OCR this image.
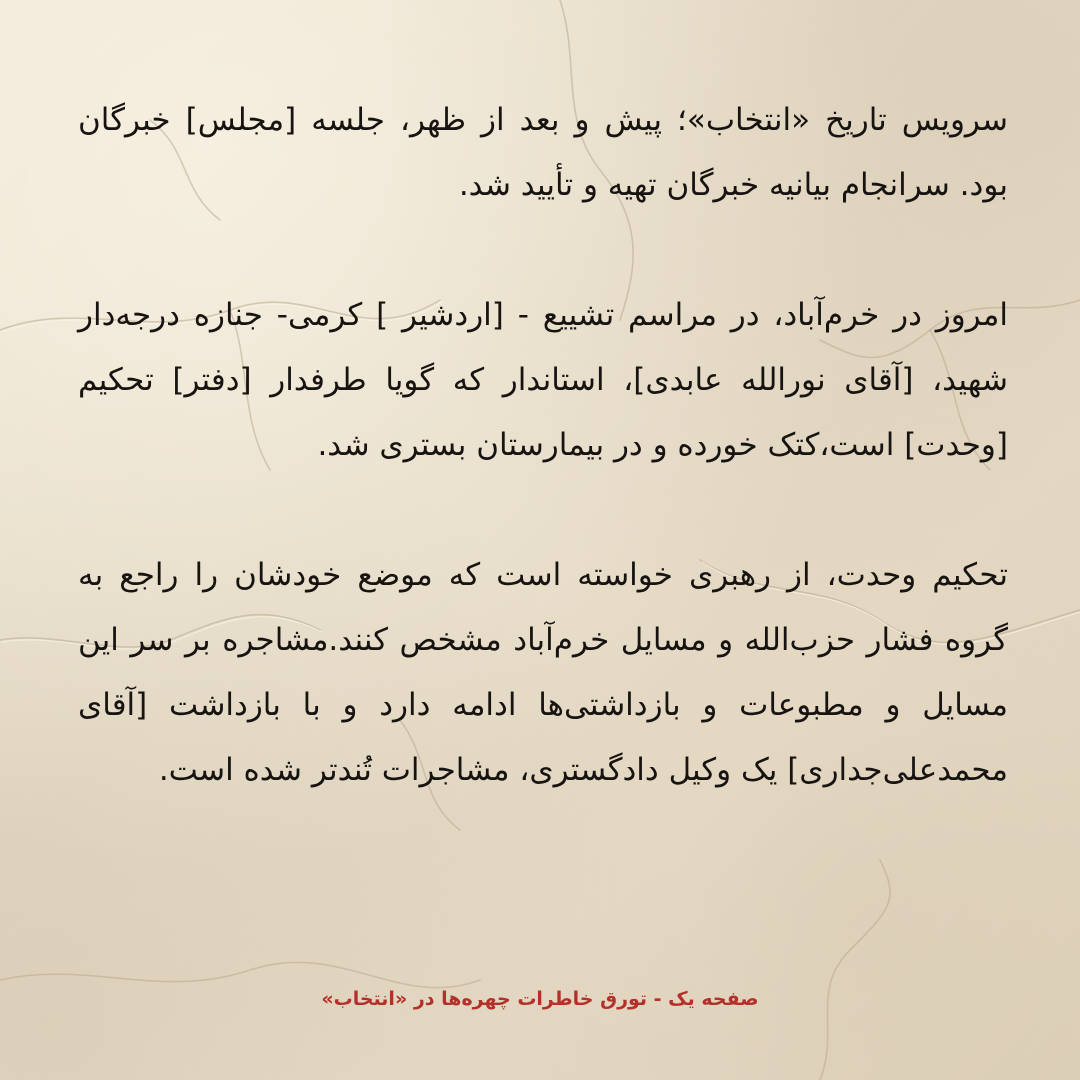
سرویس تاریخ «انتخاب»؛ پیش و بعد از ظهر، جلسه [مجلس] خبرگان بود. سرانجام بیانیه خبرگان تهیه و تأیید شد.

امروز در خرم‌آباد، در مراسم تشییع - [اردشیر ] کرمی- جنازه درجه‌دار شهید، [آقای نورالله عابدی]، استاندار که گویا طرفدار [دفتر] تحکیم [وحدت] است،کتک خورده و در بیمارستان بستری شد.

تحکیم وحدت، از رهبری خواسته است که موضع خودشان را راجع به گروه فشار حزب‌الله و مسایل خرم‌آباد مشخص کنند.مشاجره بر سر این مسایل و مطبوعات و بازداشتی‌ها ادامه دارد و با بازداشت [آقای محمدعلی‌جداری] یک وکیل دادگستری، مشاجرات تُندتر شده است.

صفحه یک - تورق خاطرات چهره‌ها در «انتخاب»
